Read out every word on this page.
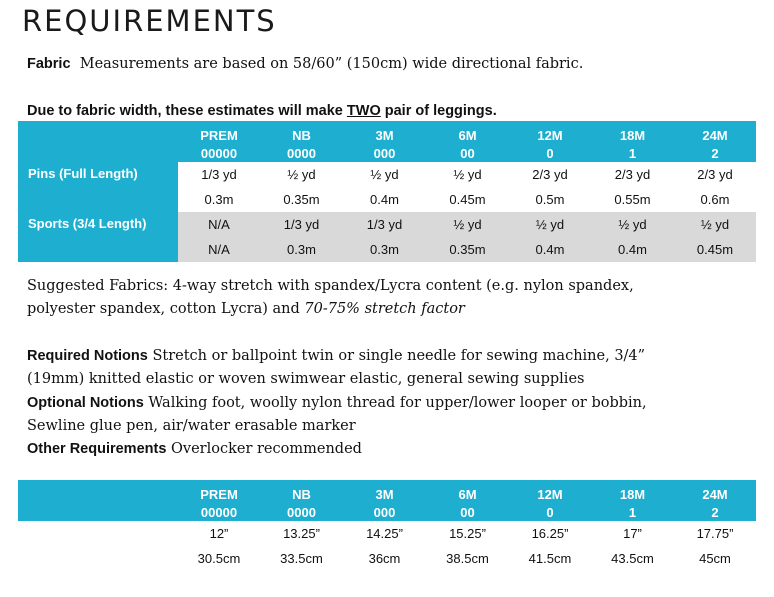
REQUIREMENTS

Fabric Measurements are based on 58/60” (150cm) wide directional fabric.

Due to fabric width, these estimates will make TWO pair of leggings.

	PREM	NB	3M	6M	12M	18M	24M
	00000	0000	000	00	0	1	2
Pins (Full Length)	1/3 yd	½ yd	½ yd	½ yd	2/3 yd	2/3 yd	2/3 yd
	0.3m	0.35m	0.4m	0.45m	0.5m	0.55m	0.6m
Sports (3/4 Length)	N/A	1/3 yd	1/3 yd	½ yd	½ yd	½ yd	½ yd
	N/A	0.3m	0.3m	0.35m	0.4m	0.4m	0.45m

Suggested Fabrics: 4-way stretch with spandex/Lycra content (e.g. nylon spandex,

polyester spandex, cotton Lycra) and 70-75% stretch factor

Required Notions Stretch or ballpoint twin or single needle for sewing machine, 3/4”

(19mm) knitted elastic or woven swimwear elastic, general sewing supplies

Optional Notions Walking foot, woolly nylon thread for upper/lower looper or bobbin,

Sewline glue pen, air/water erasable marker

Other Requirements Overlocker recommended

	PREM	NB	3M	6M	12M	18M	24M
	00000	0000	000	00	0	1	2

Elastic
3/4” (19mm) knitted or woven swimwear	12”	13.25”	14.25”	15.25”	16.25”	17”	17.75”
	30.5cm	33.5cm	36cm	38.5cm	41.5cm	43.5cm	45cm
